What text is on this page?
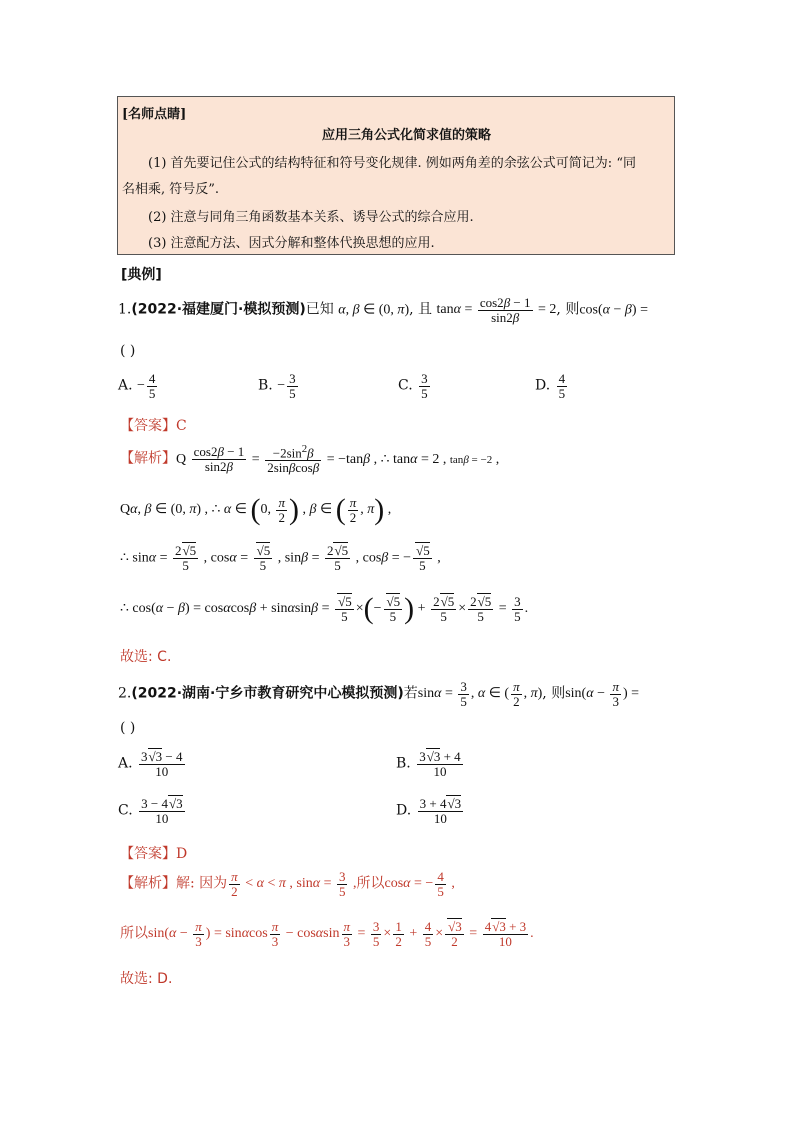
[名师点睛]
应用三角公式化简求值的策略
(1) 首先要记住公式的结构特征和符号变化规律. 例如两角差的余弦公式可简记为: “同
名相乘, 符号反”.
(2) 注意与同角三角函数基本关系、诱导公式的综合应用.
(3) 注意配方法、因式分解和整体代换思想的应用.
[典例]
1.(2022·福建厦门·模拟预测)已知 α, β ∈ (0, π), 且 $\tan\alpha = \frac{\cos 2\beta - 1}{\sin 2\beta} = 2$, 则cos(α − β) =
( )
A. − $\frac{4}{5}$	B. − $\frac{3}{5}$	C. $\frac{3}{5}$	D. $\frac{4}{5}$
【答案】C
【解析】Q $\frac{\cos 2\beta - 1}{\sin 2\beta} = \frac{-2\sin^2\beta}{2\sin\beta\cos\beta} = -\tan\beta$ , ∴ tanα = 2 , tanβ = −2 ,
Qα, β ∈ (0, π) , ∴ α ∈ (0, $\frac{\pi}{2}$ ) , β ∈ ( $\frac{\pi}{2}$ , π) ,
∴ $\sin\alpha = \frac{2√5}{5}$ , $\cos\alpha = \frac{√5}{5}$ , $\sin\beta = \frac{2√5}{5}$ , cosβ = − $\frac{√5}{5}$ ,
∴ $\cos(\alpha - \beta) = \cos\alpha\cos\beta + \sin\alpha\sin\beta = \frac{√5}{5}$ ×(− $\frac{√5}{5}$ ) + $\frac{2√5}{5} \times \frac{2√5}{5} = \frac{3}{5}$ .
故选: C.
2.(2022·湖南·宁乡市教育研究中心模拟预测)若$\sin\alpha = \frac{3}{5}$ , α ∈ ( $\frac{\pi}{2}$ , π), 则$\sin(\alpha - \frac{\pi}{3}$ ) =
( )
A. $\frac{3√3 - 4}{10}$	B. $\frac{3√3 + 4}{10}$
C. $\frac{3 - 4√3}{10}$	D. $\frac{3 + 4√3}{10}$
【答案】D
【解析】解: 因为 $\frac{\pi}{2} < \alpha < \pi$ , $\sin\alpha = \frac{3}{5}$ ,所以cosα = − $\frac{4}{5}$ ,
所以$\sin(\alpha - \frac{\pi}{3}$ ) = sinαcos $\frac{\pi}{3} - \cos\alpha\sin \frac{\pi}{3} = \frac{3}{5} \times \frac{1}{2} + \frac{4}{5} \times \frac{√3}{2} = \frac{4√3 + 3}{10}$ .
故选: D.
